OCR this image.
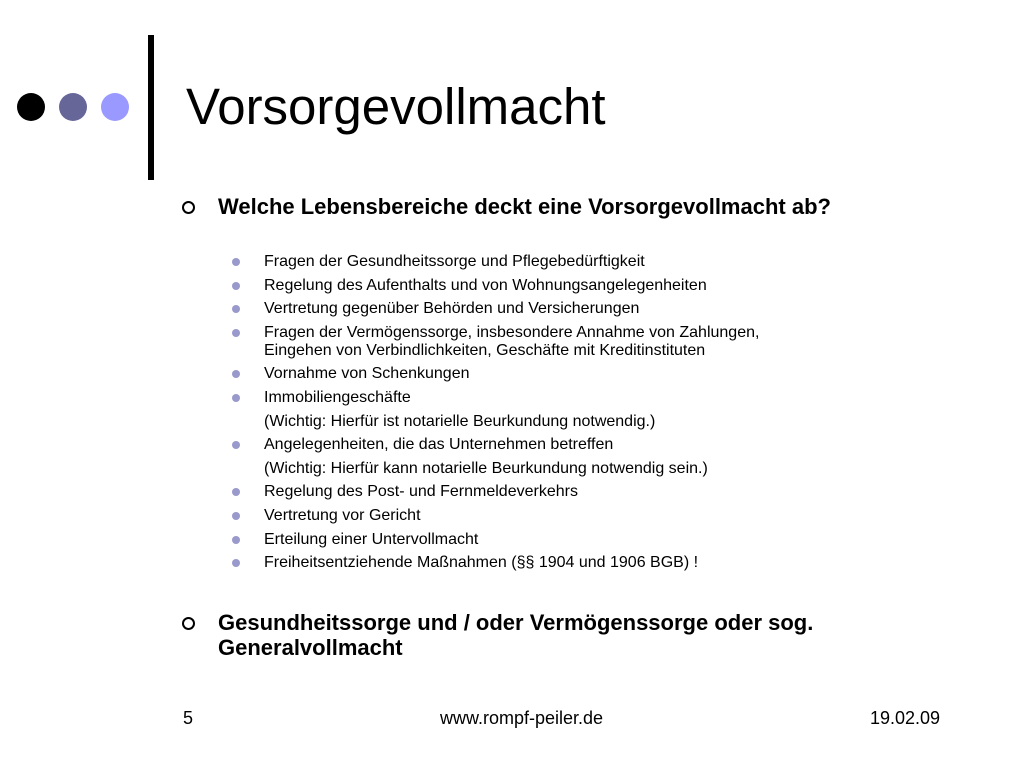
Vorsorgevollmacht
Welche Lebensbereiche deckt eine Vorsorgevollmacht ab?
Fragen der Gesundheitssorge und Pflegebedürftigkeit
Regelung des Aufenthalts und von Wohnungsangelegenheiten
Vertretung gegenüber Behörden und Versicherungen
Fragen der Vermögenssorge, insbesondere Annahme von Zahlungen,
Eingehen von Verbindlichkeiten, Geschäfte mit Kreditinstituten
Vornahme von Schenkungen
Immobiliengeschäfte
(Wichtig: Hierfür ist notarielle Beurkundung notwendig.)
Angelegenheiten, die das Unternehmen betreffen
(Wichtig: Hierfür kann notarielle Beurkundung notwendig sein.)
Regelung des Post- und Fernmeldeverkehrs
Vertretung vor Gericht
Erteilung einer Untervollmacht
Freiheitsentziehende Maßnahmen (§§ 1904 und 1906 BGB) !
Gesundheitssorge und / oder Vermögenssorge oder sog. Generalvollmacht
5	www.rompf-peiler.de	19.02.09
